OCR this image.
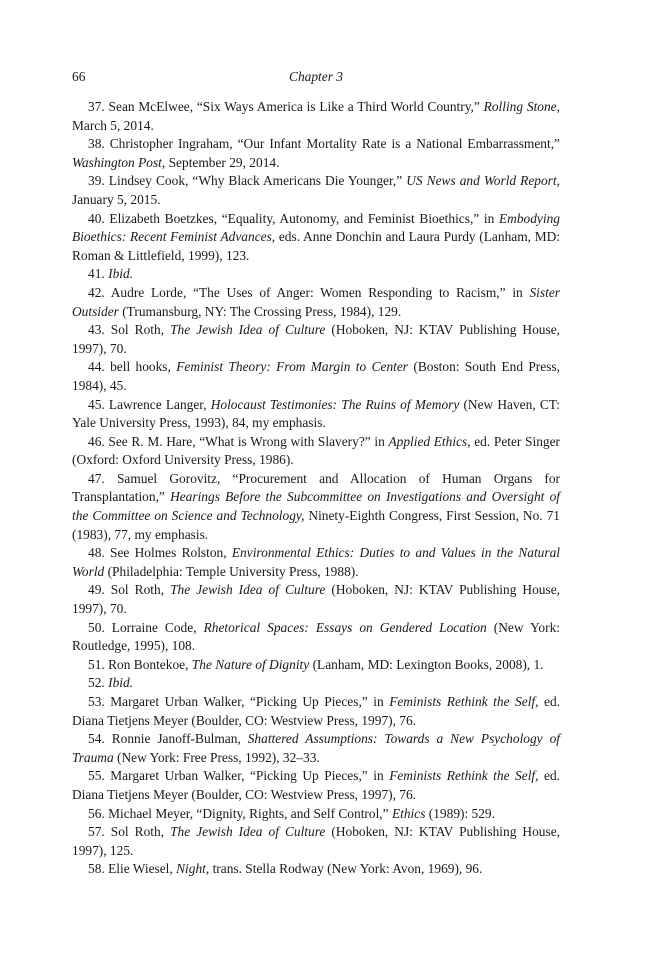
66	Chapter 3

37. Sean McElwee, “Six Ways America is Like a Third World Country,” Rolling Stone, March 5, 2014.

38. Christopher Ingraham, “Our Infant Mortality Rate is a National Embarrassment,” Washington Post, September 29, 2014.

39. Lindsey Cook, “Why Black Americans Die Younger,” US News and World Report, January 5, 2015.

40. Elizabeth Boetzkes, “Equality, Autonomy, and Feminist Bioethics,” in Embodying Bioethics: Recent Feminist Advances, eds. Anne Donchin and Laura Purdy (Lanham, MD: Roman & Littlefield, 1999), 123.

41. Ibid.

42. Audre Lorde, “The Uses of Anger: Women Responding to Racism,” in Sister Outsider (Trumansburg, NY: The Crossing Press, 1984), 129.

43. Sol Roth, The Jewish Idea of Culture (Hoboken, NJ: KTAV Publishing House, 1997), 70.

44. bell hooks, Feminist Theory: From Margin to Center (Boston: South End Press, 1984), 45.

45. Lawrence Langer, Holocaust Testimonies: The Ruins of Memory (New Haven, CT: Yale University Press, 1993), 84, my emphasis.

46. See R. M. Hare, “What is Wrong with Slavery?” in Applied Ethics, ed. Peter Singer (Oxford: Oxford University Press, 1986).

47. Samuel Gorovitz, “Procurement and Allocation of Human Organs for Transplantation,” Hearings Before the Subcommittee on Investigations and Oversight of the Committee on Science and Technology, Ninety-Eighth Congress, First Session, No. 71 (1983), 77, my emphasis.

48. See Holmes Rolston, Environmental Ethics: Duties to and Values in the Natural World (Philadelphia: Temple University Press, 1988).

49. Sol Roth, The Jewish Idea of Culture (Hoboken, NJ: KTAV Publishing House, 1997), 70.

50. Lorraine Code, Rhetorical Spaces: Essays on Gendered Location (New York: Routledge, 1995), 108.

51. Ron Bontekoe, The Nature of Dignity (Lanham, MD: Lexington Books, 2008), 1.

52. Ibid.

53. Margaret Urban Walker, “Picking Up Pieces,” in Feminists Rethink the Self, ed. Diana Tietjens Meyer (Boulder, CO: Westview Press, 1997), 76.

54. Ronnie Janoff-Bulman, Shattered Assumptions: Towards a New Psychology of Trauma (New York: Free Press, 1992), 32–33.

55. Margaret Urban Walker, “Picking Up Pieces,” in Feminists Rethink the Self, ed. Diana Tietjens Meyer (Boulder, CO: Westview Press, 1997), 76.

56. Michael Meyer, “Dignity, Rights, and Self Control,” Ethics (1989): 529.

57. Sol Roth, The Jewish Idea of Culture (Hoboken, NJ: KTAV Publishing House, 1997), 125.

58. Elie Wiesel, Night, trans. Stella Rodway (New York: Avon, 1969), 96.
